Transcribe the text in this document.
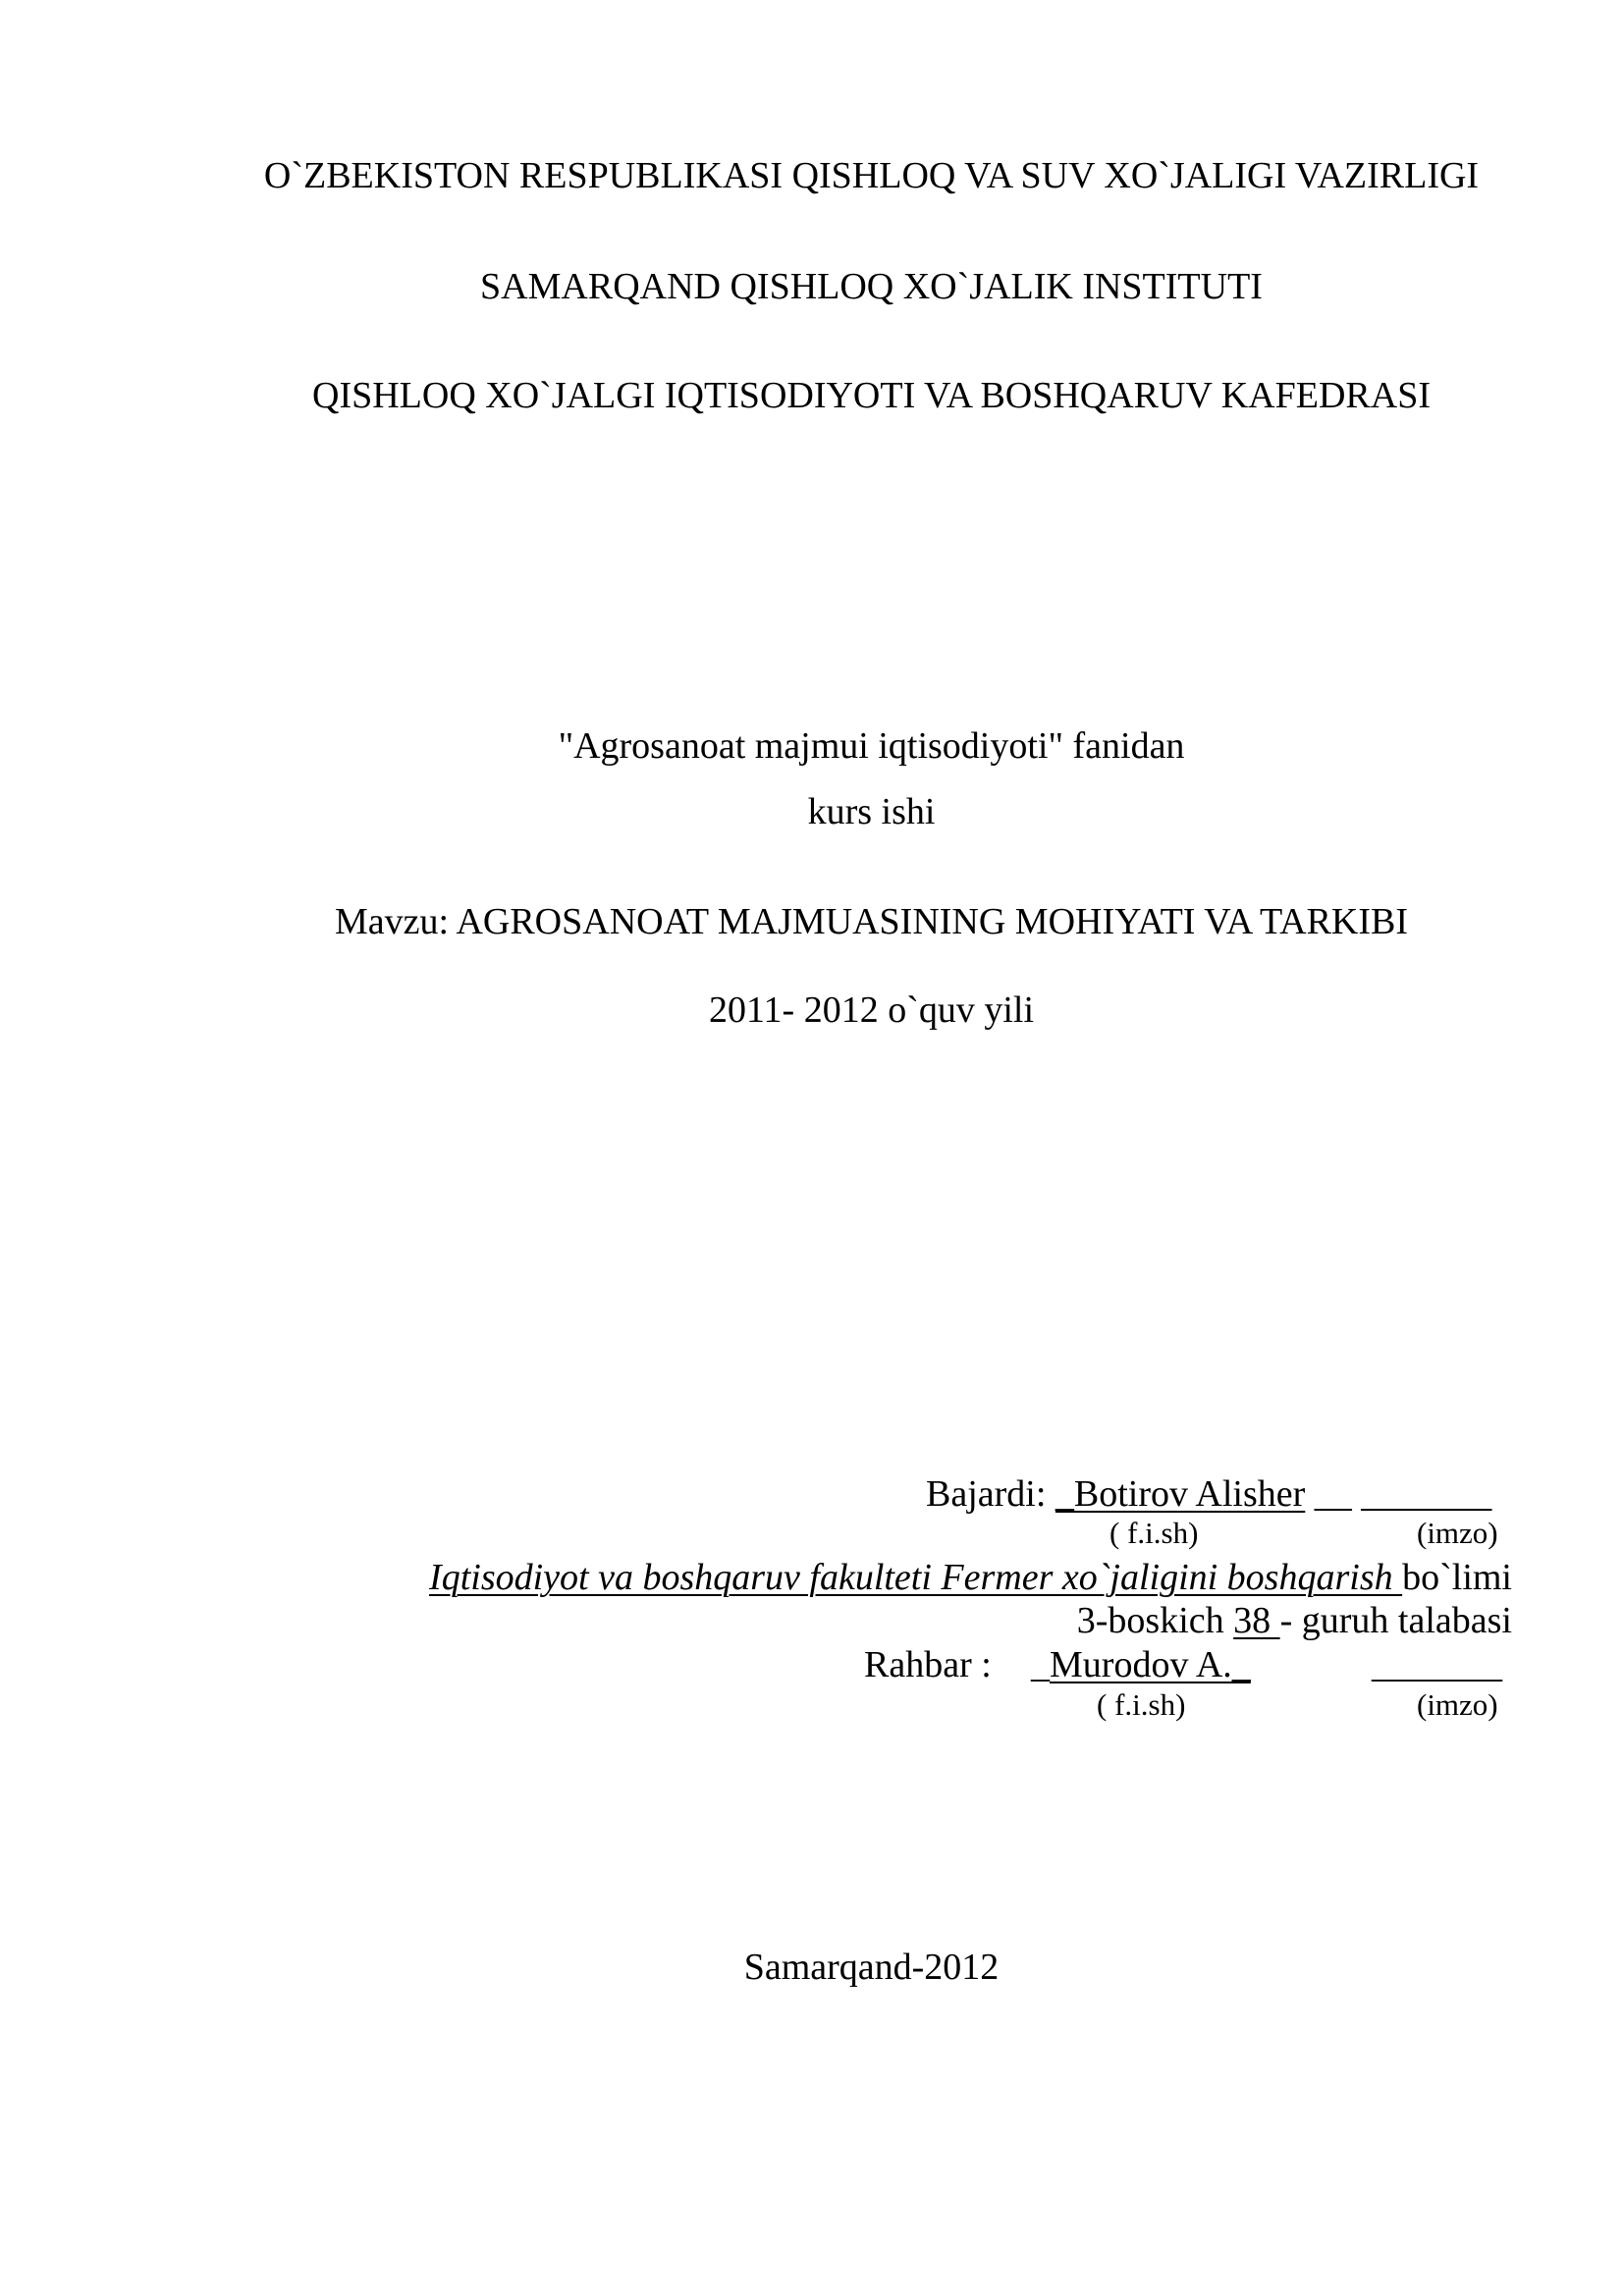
O`ZBEKISTON RESPUBLIKASI QISHLOQ VA SUV XO`JALIGI VAZIRLIGI
SAMARQAND QISHLOQ XO`JALIK INSTITUTI
QISHLOQ XO`JALGI IQTISODIYOTI VA BOSHQARUV KAFEDRASI
"Agrosanoat majmui iqtisodiyoti" fanidan
kurs ishi
Mavzu: AGROSANOAT MAJMUASINING MOHIYATI VA TARKIBI
2011- 2012 o`quv yili
Bajardi: _Botirov Alisher __ _______
( f.i.sh)	(imzo)
Iqtisodiyot va boshqaruv fakulteti Fermer xo`jaligini boshqarish bo`limi
3-boskich 38 - guruh talabasi
Rahbar : _Murodov A._	_______
( f.i.sh)	(imzo)
Samarqand-2012
